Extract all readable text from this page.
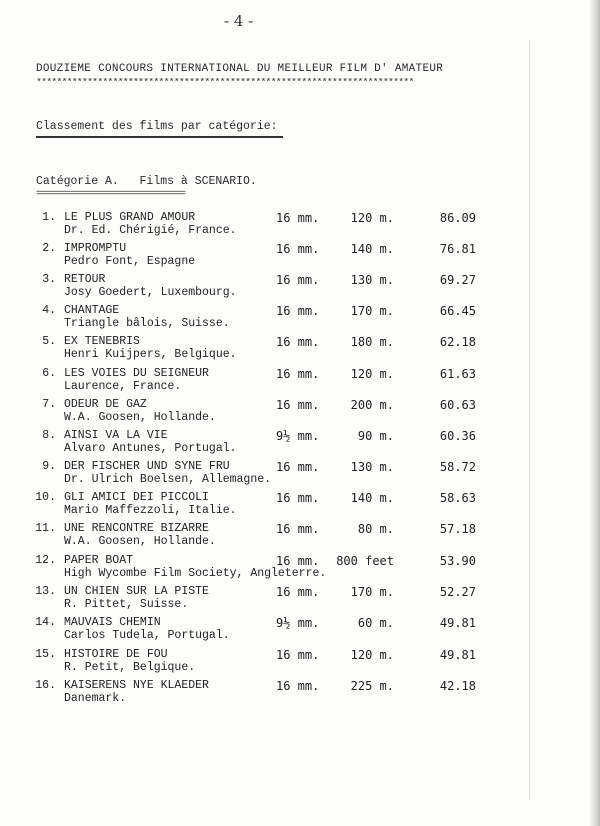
- 4 -
DOUZIEME CONCOURS INTERNATIONAL DU MEILLEUR FILM D' AMATEUR
**************************************************************************
Classement des films par catégorie:
Catégorie A.   Films à SCENARIO.
===============================
1. LE PLUS GRAND AMOUR
Dr. Ed. Chérigié, France.
16 mm.	120 m.	86.09
2. IMPROMPTU
Pedro Font, Espagne
16 mm.	140 m.	76.81
3. RETOUR
Josy Goedert, Luxembourg.
16 mm.	130 m.	69.27
4. CHANTAGE
Triangle bâlois, Suisse.
16 mm.	170 m.	66.45
5. EX TENEBRIS
Henri Kuijpers, Belgique.
16 mm.	180 m.	62.18
6. LES VOIES DU SEIGNEUR
Laurence, France.
16 mm.	120 m.	61.63
7. ODEUR DE GAZ
W.A. Goosen, Hollande.
16 mm.	200 m.	60.63
8. AINSI VA LA VIE
Alvaro Antunes, Portugal.
9½ mm.	90 m.	60.36
9. DER FISCHER UND SYNE FRU
Dr. Ulrich Boelsen, Allemagne.
16 mm.	130 m.	58.72
10. GLI AMICI DEI PICCOLI
Mario Maffezzoli, Italie.
16 mm.	140 m.	58.63
11. UNE RENCONTRE BIZARRE
W.A. Goosen, Hollande.
16 mm.	80 m.	57.18
12. PAPER BOAT
High Wycombe Film Society, Angleterre.
16 mm.	800 feet	53.90
13. UN CHIEN SUR LA PISTE
R. Pittet, Suisse.
16 mm.	170 m.	52.27
14. MAUVAIS CHEMIN
Carlos Tudela, Portugal.
9½ mm.	60 m.	49.81
15. HISTOIRE DE FOU
R. Petit, Belgique.
16 mm.	120 m.	49.81
16. KAISERENS NYE KLAEDER
Danemark.
16 mm.	225 m.	42.18
